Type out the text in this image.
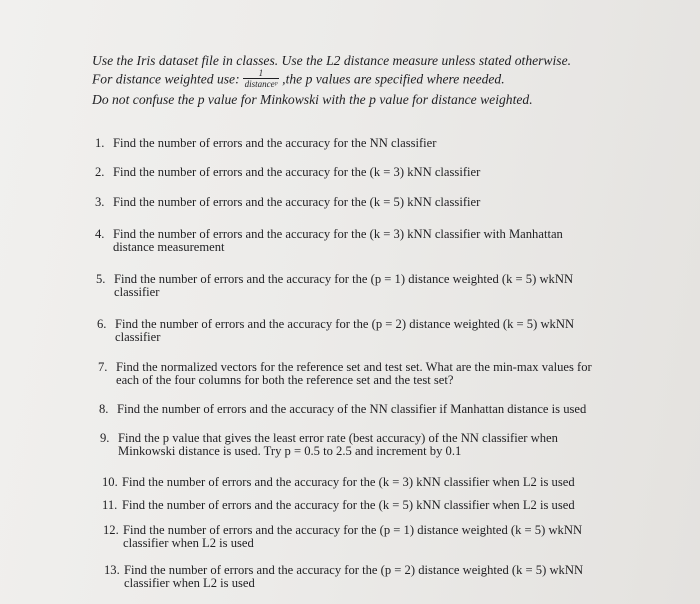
Use the Iris dataset file in classes. Use the L2 distance measure unless stated otherwise.
For distance weighted use: $\frac{1}{\text{distanceᵖ}} ,the$ p values are specified where needed.
Do not confuse the p value for Minkowski with the p value for distance weighted.
1. Find the number of errors and the accuracy for the NN classifier
2. Find the number of errors and the accuracy for the (k = 3) kNN classifier
3. Find the number of errors and the accuracy for the (k = 5) kNN classifier
4. Find the number of errors and the accuracy for the (k = 3) kNN classifier with Manhattan distance measurement
5. Find the number of errors and the accuracy for the (p = 1) distance weighted (k = 5) wkNN classifier
6. Find the number of errors and the accuracy for the (p = 2) distance weighted (k = 5) wkNN classifier
7. Find the normalized vectors for the reference set and test set. What are the min-max values for each of the four columns for both the reference set and the test set?
8. Find the number of errors and the accuracy of the NN classifier if Manhattan distance is used
9. Find the p value that gives the least error rate (best accuracy) of the NN classifier when Minkowski distance is used. Try p = 0.5 to 2.5 and increment by 0.1
10. Find the number of errors and the accuracy for the (k = 3) kNN classifier when L2 is used
11. Find the number of errors and the accuracy for the (k = 5) kNN classifier when L2 is used
12. Find the number of errors and the accuracy for the (p = 1) distance weighted (k = 5) wkNN classifier when L2 is used
13. Find the number of errors and the accuracy for the (p = 2) distance weighted (k = 5) wkNN classifier when L2 is used
